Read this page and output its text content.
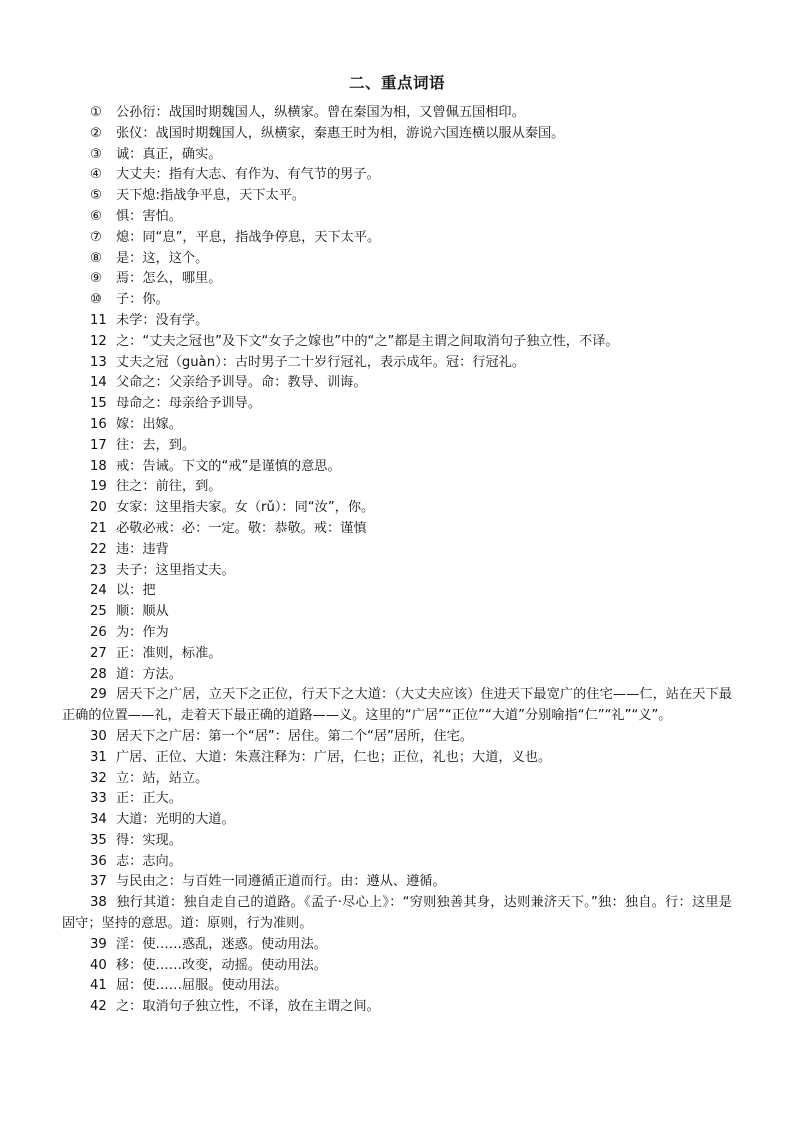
二、重点词语
① 公孙衍：战国时期魏国人，纵横家。曾在秦国为相，又曾佩五国相印。
② 张仪：战国时期魏国人，纵横家，秦惠王时为相，游说六国连横以服从秦国。
③ 诚：真正，确实。
④ 大丈夫：指有大志、有作为、有气节的男子。
⑤ 天下熄:指战争平息，天下太平。
⑥ 惧：害怕。
⑦ 熄：同“息”，平息，指战争停息，天下太平。
⑧ 是：这，这个。
⑨ 焉：怎么，哪里。
⑩ 子：你。
11 未学：没有学。
12 之：“丈夫之冠也”及下文“女子之嫁也”中的“之”都是主谓之间取消句子独立性，不译。
13 丈夫之冠（guàn）：古时男子二十岁行冠礼，表示成年。冠：行冠礼。
14 父命之：父亲给予训导。命：教导、训诲。
15 母命之：母亲给予训导。
16 嫁：出嫁。
17 往：去，到。
18 戒：告诫。下文的“戒”是谨慎的意思。
19 往之：前往，到。
20 女家：这里指夫家。女（rǔ）：同“汝”，你。
21 必敬必戒：必：一定。敬：恭敬。戒：谨慎
22 违：违背
23 夫子：这里指丈夫。
24 以：把
25 顺：顺从
26 为：作为
27 正：准则，标准。
28 道：方法。
29 居天下之广居，立天下之正位，行天下之大道：（大丈夫应该）住进天下最宽广的住宅——仁，站在天下最正确的位置——礼，走着天下最正确的道路——义。这里的“广居”“正位”“大道”分别喻指“仁”“礼”“义”。
30 居天下之广居：第一个“居”：居住。第二个“居”居所，住宅。
31 广居、正位、大道：朱熹注释为：广居，仁也；正位，礼也；大道，义也。
32 立：站，站立。
33 正：正大。
34 大道：光明的大道。
35 得：实现。
36 志：志向。
37 与民由之：与百姓一同遵循正道而行。由：遵从、遵循。
38 独行其道：独自走自己的道路。《孟子·尽心上》：“穷则独善其身，达则兼济天下。”独：独自。行：这里是固守；坚持的意思。道：原则，行为准则。
39 淫：使……惑乱，迷惑。使动用法。
40 移：使……改变，动摇。使动用法。
41 屈：使……屈服。使动用法。
42 之：取消句子独立性，不译，放在主谓之间。
